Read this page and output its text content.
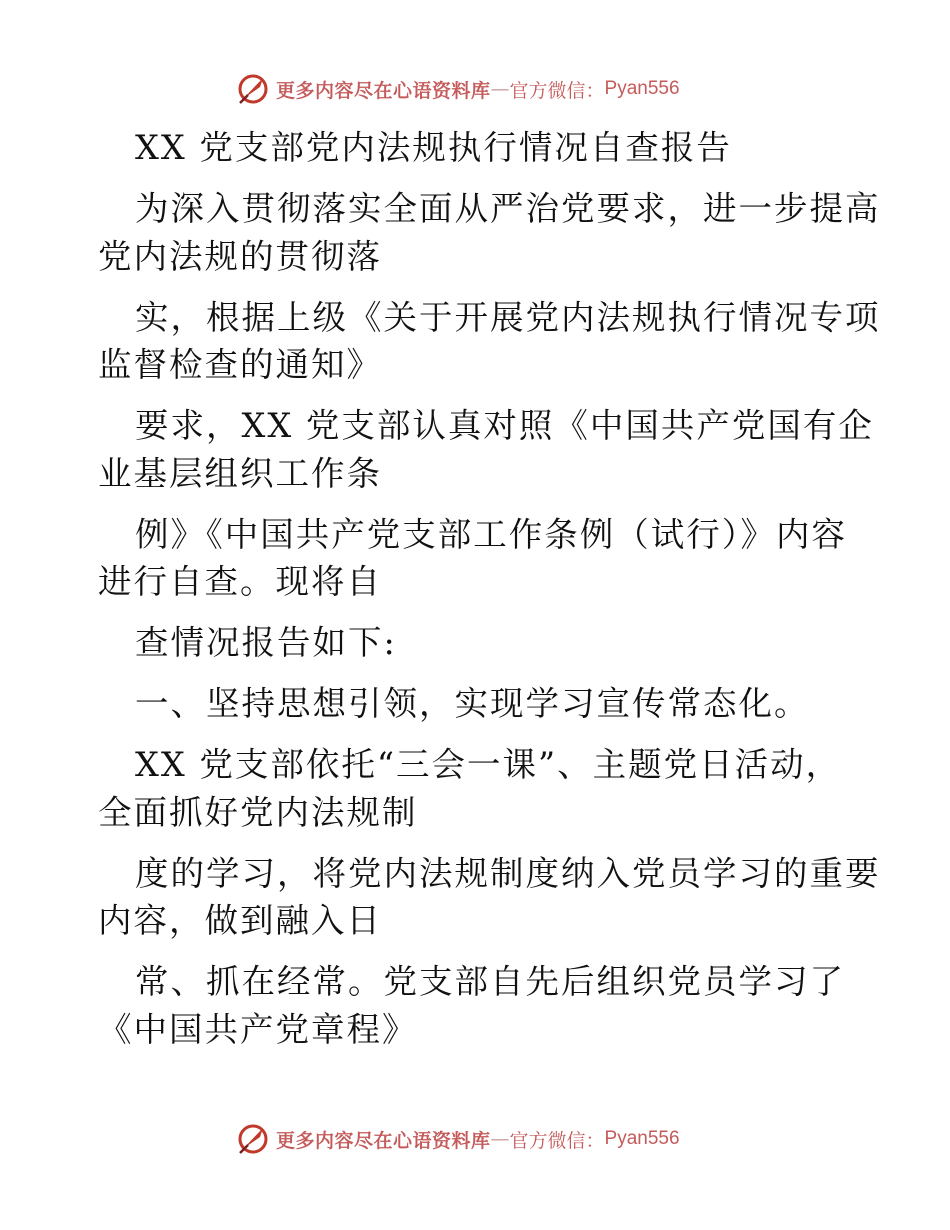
更多内容尽在心语资料库 — 官方微信： Pyan556
XX 党支部党内法规执行情况自查报告
为深入贯彻落实全面从严治党要求，进一步提高
党内法规的贯彻落
实，根据上级《关于开展党内法规执行情况专项
监督检查的通知》
要求，XX 党支部认真对照《中国共产党国有企
业基层组织工作条
例》《中国共产党支部工作条例（试行）》内容
进行自查。现将自
查情况报告如下:
一、坚持思想引领，实现学习宣传常态化。
XX 党支部依托“三会一课”、主题党日活动，
全面抓好党内法规制
度的学习，将党内法规制度纳入党员学习的重要
内容，做到融入日
常、抓在经常。党支部自先后组织党员学习了
《中国共产党章程》
更多内容尽在心语资料库 — 官方微信： Pyan556
